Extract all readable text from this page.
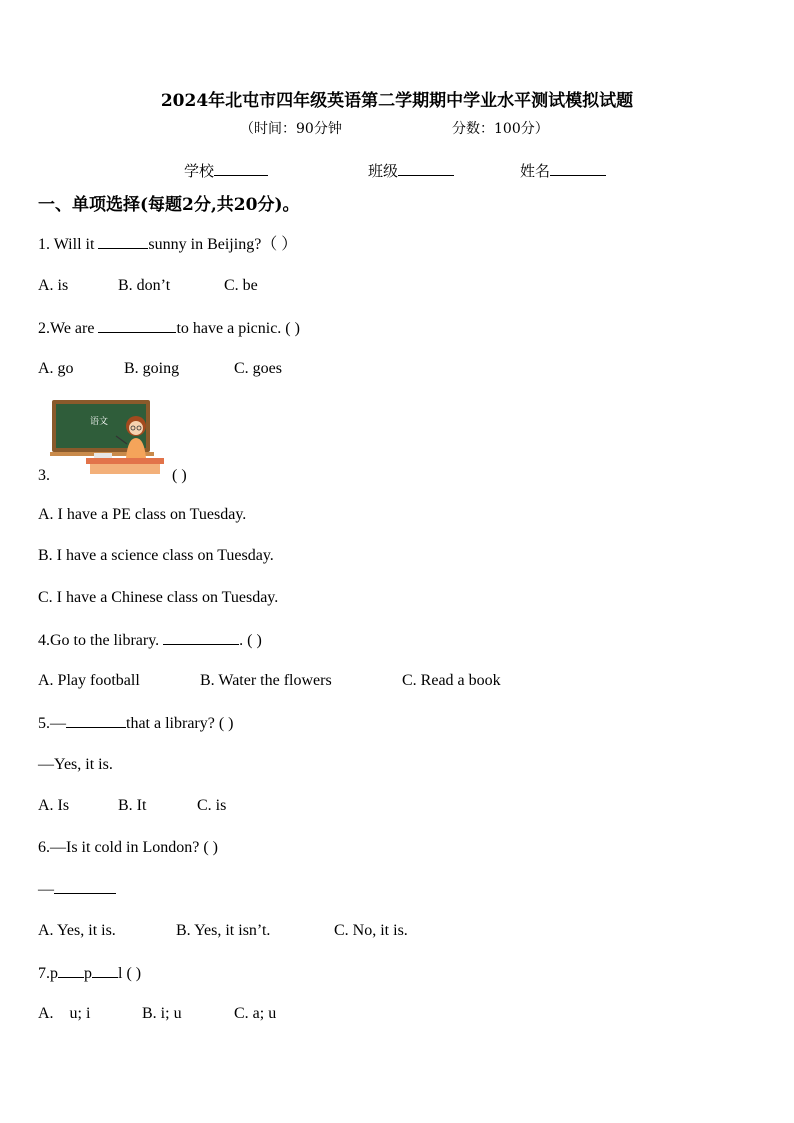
2024年北屯市四年级英语第二学期期中学业水平测试模拟试题
（时间：90分钟	分数：100分）
学校	班级	姓名
一、单项选择(每题2分,共20分)。
1. Will it	sunny in Beijing?（ ）
A. is	B. don’t	C. be
2.We are	to have a picnic. ( )
A. go	B. going	C. goes
语文
3.	( )
A. I have a PE class on Tuesday.
B. I have a science class on Tuesday.
C. I have a Chinese class on Tuesday.
4.Go to the library.	. ( )
A. Play football	B. Water the flowers	C. Read a book
5.—	that a library? ( )
—Yes, it is.
A. Is	B. It	C. is
6.—Is it cold in London? ( )
—
A. Yes, it is.	B. Yes, it isn’t.	C. No, it is.
7.p p l ( )
A.    u; i	B. i; u	C. a; u
